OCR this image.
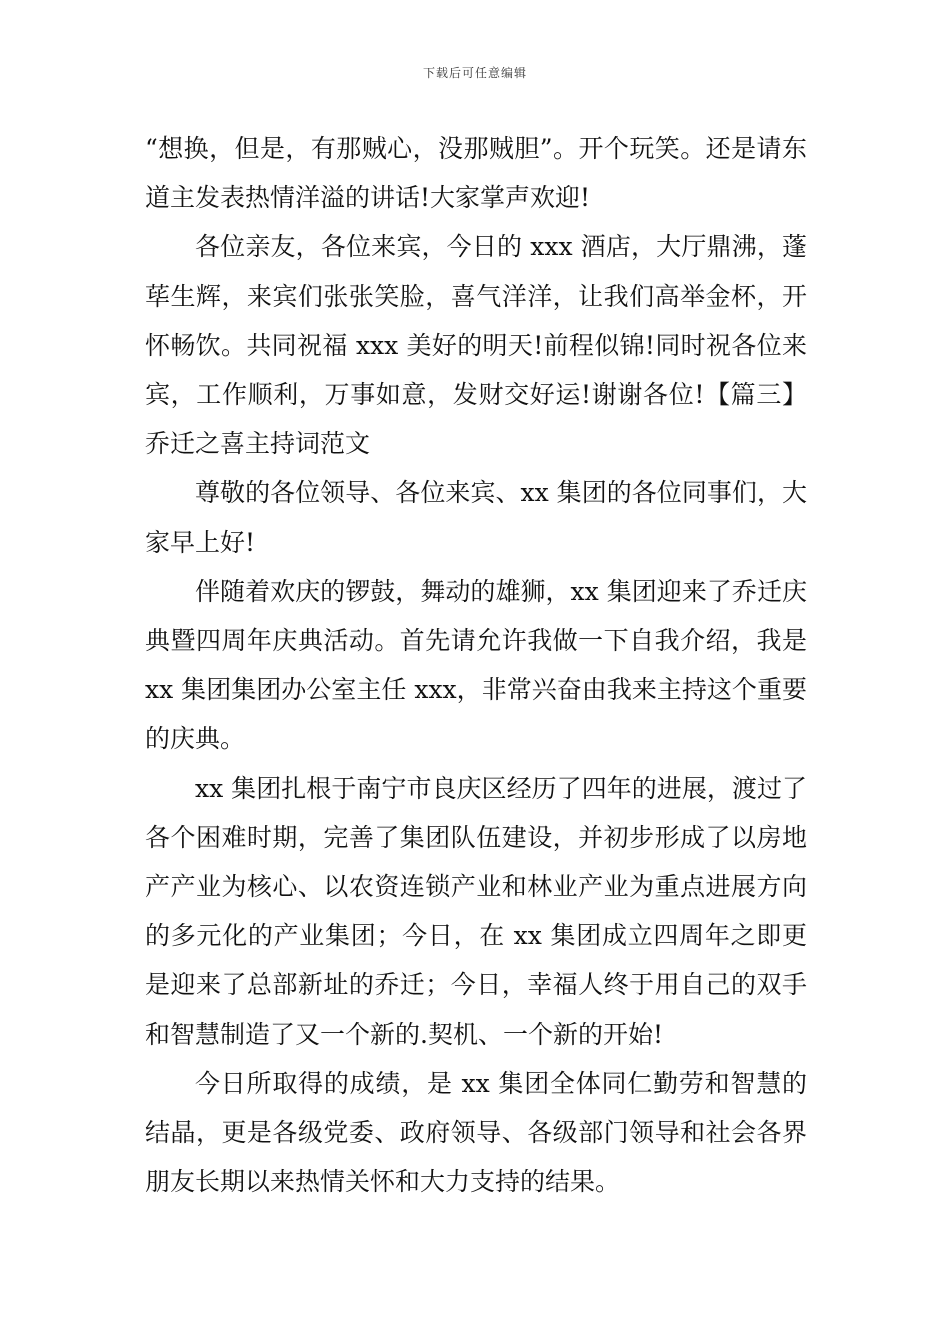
下载后可任意编辑

“想换，但是，有那贼心，没那贼胆”。开个玩笑。还是请东道主发表热情洋溢的讲话!大家掌声欢迎!

各位亲友，各位来宾，今日的 xxx 酒店，大厅鼎沸，蓬荜生辉，来宾们张张笑脸，喜气洋洋，让我们高举金杯，开怀畅饮。共同祝福 xxx 美好的明天!前程似锦!同时祝各位来宾，工作顺利，万事如意，发财交好运!谢谢各位!【篇三】乔迁之喜主持词范文

尊敬的各位领导、各位来宾、xx 集团的各位同事们，大家早上好!

伴随着欢庆的锣鼓，舞动的雄狮，xx 集团迎来了乔迁庆典暨四周年庆典活动。首先请允许我做一下自我介绍，我是 xx 集团集团办公室主任 xxx，非常兴奋由我来主持这个重要的庆典。

xx 集团扎根于南宁市良庆区经历了四年的进展，渡过了各个困难时期，完善了集团队伍建设，并初步形成了以房地产产业为核心、以农资连锁产业和林业产业为重点进展方向的多元化的产业集团；今日，在 xx 集团成立四周年之即更是迎来了总部新址的乔迁；今日，幸福人终于用自己的双手和智慧制造了又一个新的.契机、一个新的开始!

今日所取得的成绩，是 xx 集团全体同仁勤劳和智慧的结晶，更是各级党委、政府领导、各级部门领导和社会各界朋友长期以来热情关怀和大力支持的结果。
